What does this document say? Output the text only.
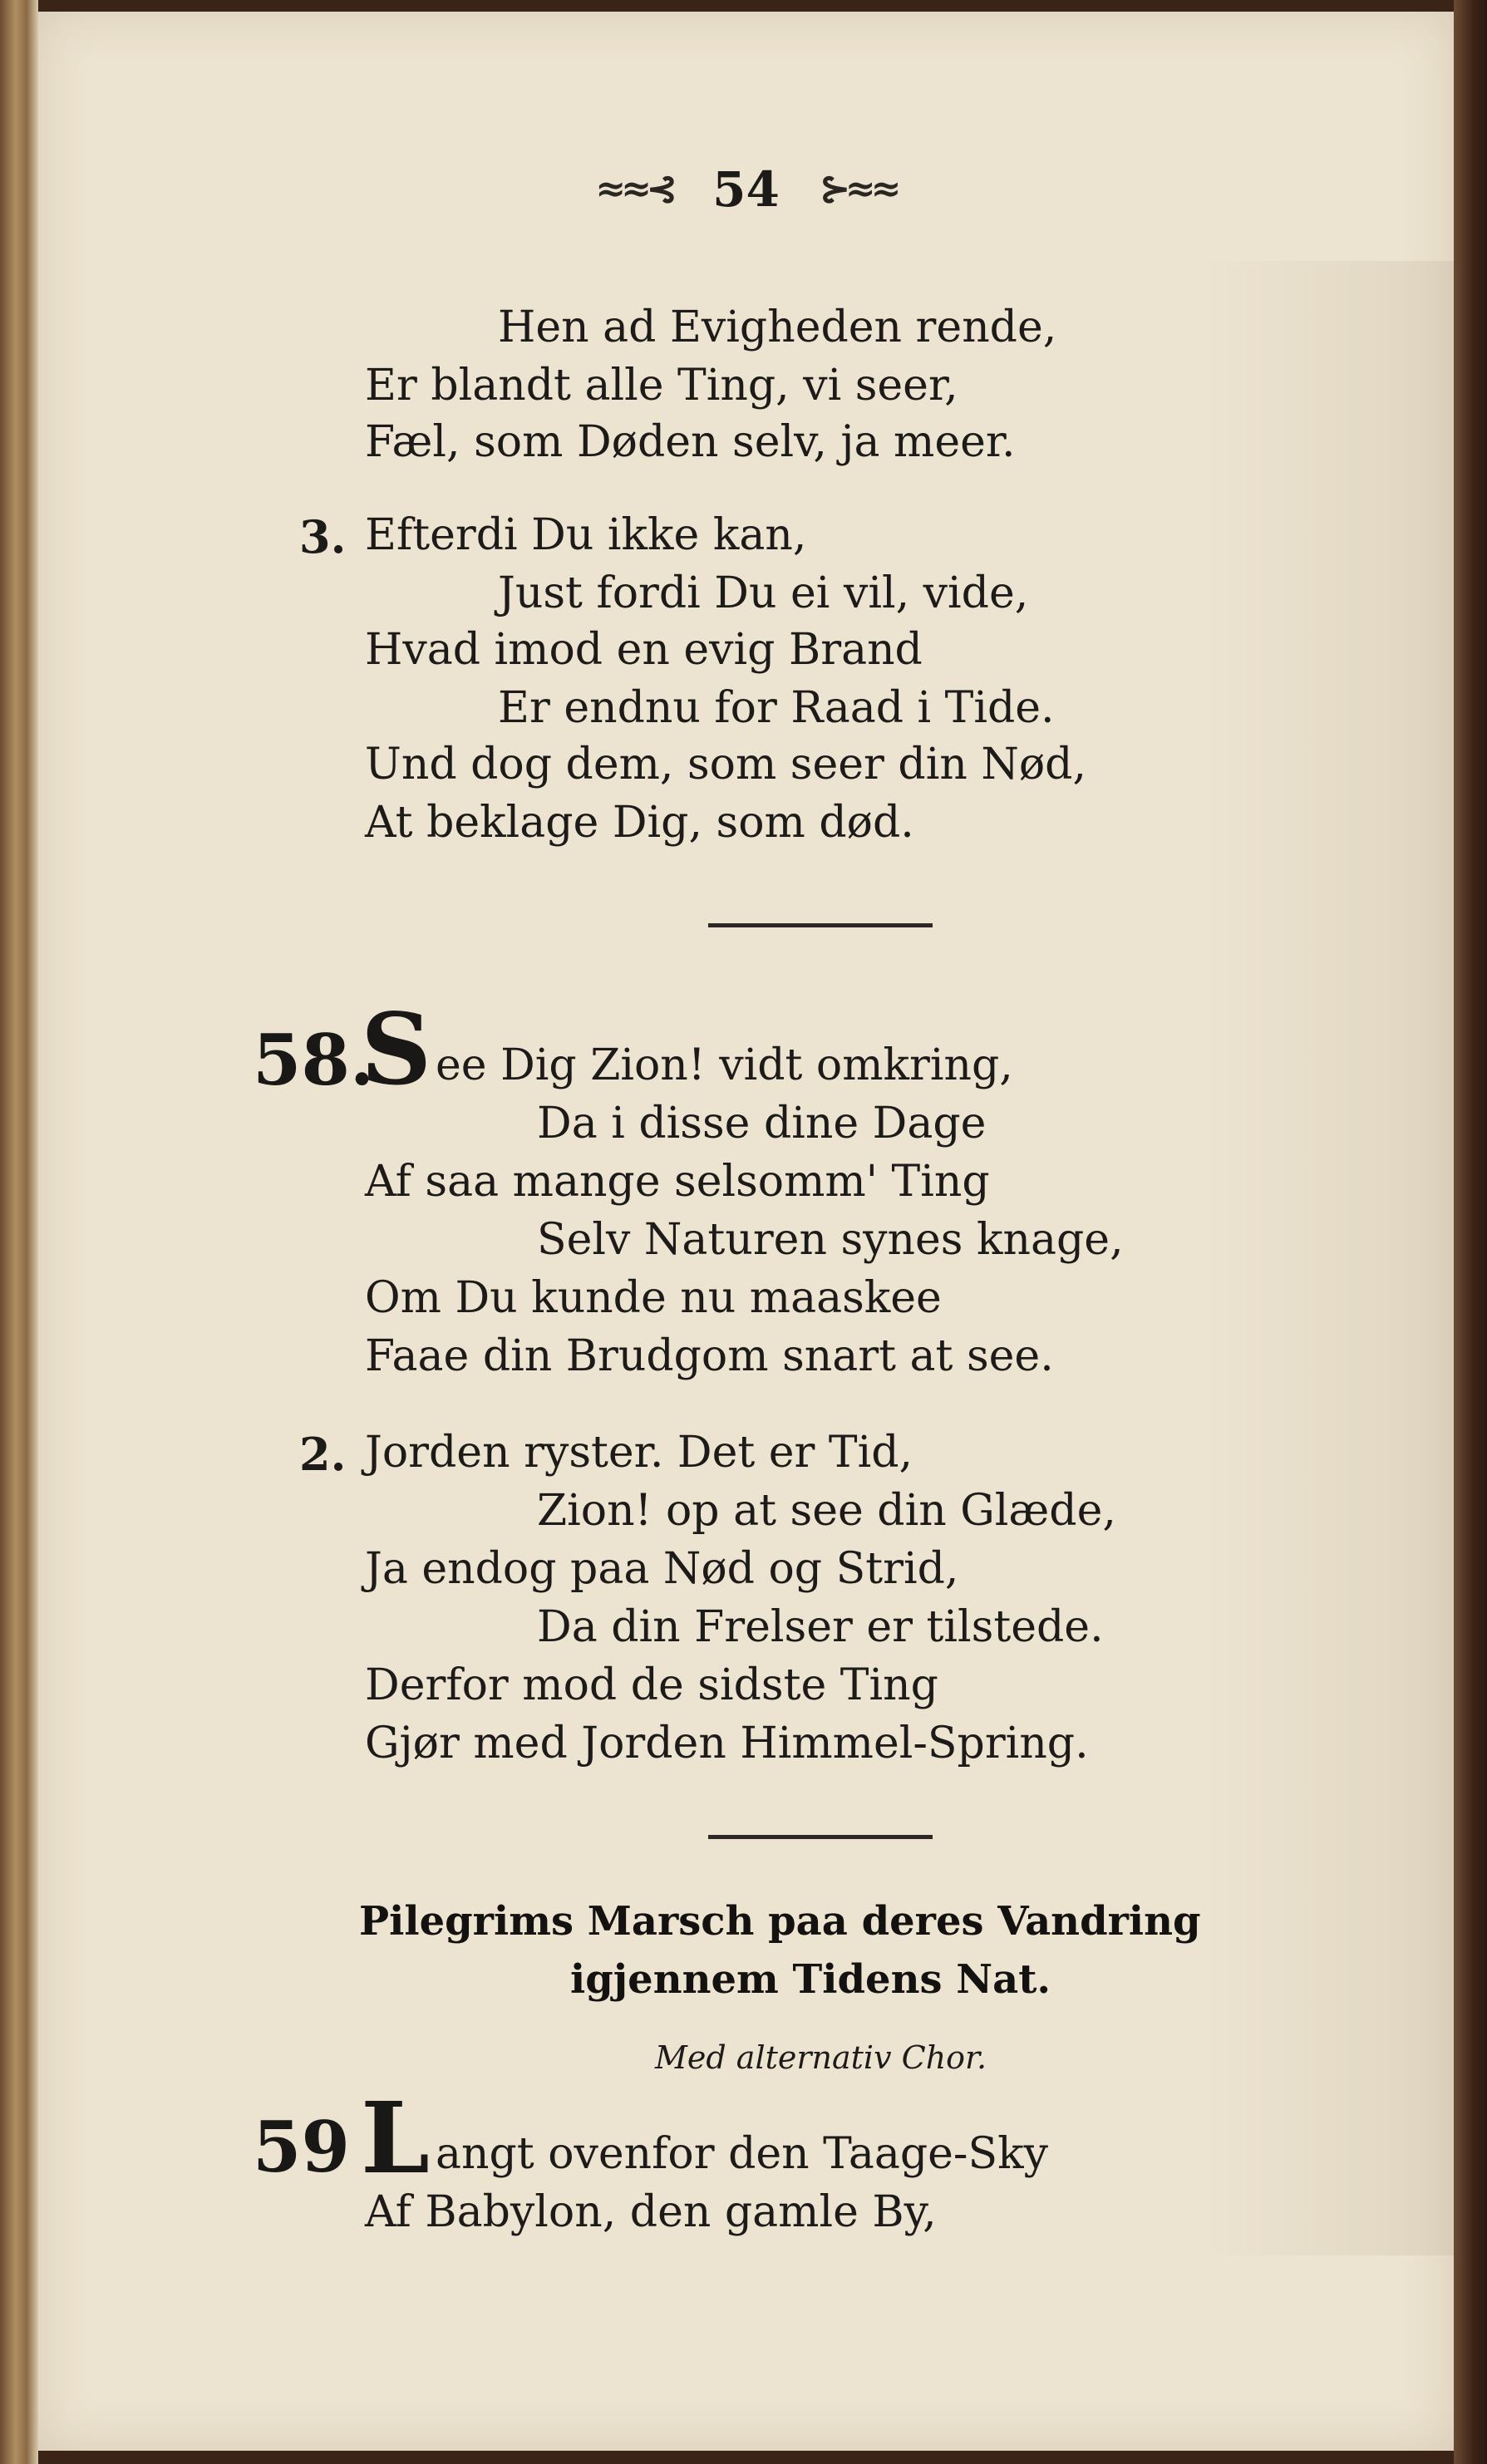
≈≈⊰ 54 ⊱≈≈
Hen ad Evigheden rende,
Er blandt alle Ting, vi seer,
Fæl, som Døden selv, ja meer.
3. Efterdi Du ikke kan,
Just fordi Du ei vil, vide,
Hvad imod en evig Brand
Er endnu for Raad i Tide.
Und dog dem, som seer din Nød,
At beklage Dig, som død.
58.
S ee Dig Zion! vidt omkring,
Da i disse dine Dage
Af saa mange selsomm' Ting
Selv Naturen synes knage,
Om Du kunde nu maaskee
Faae din Brudgom snart at see.
2. Jorden ryster. Det er Tid,
Zion! op at see din Glæde,
Ja endog paa Nød og Strid,
Da din Frelser er tilstede.
Derfor mod de sidste Ting
Gjør med Jorden Himmel-Spring.
Pilegrims Marsch paa deres Vandring
igjennem Tidens Nat.
Med alternativ Chor.
59 L angt ovenfor den Taage-Sky
Af Babylon, den gamle By,
